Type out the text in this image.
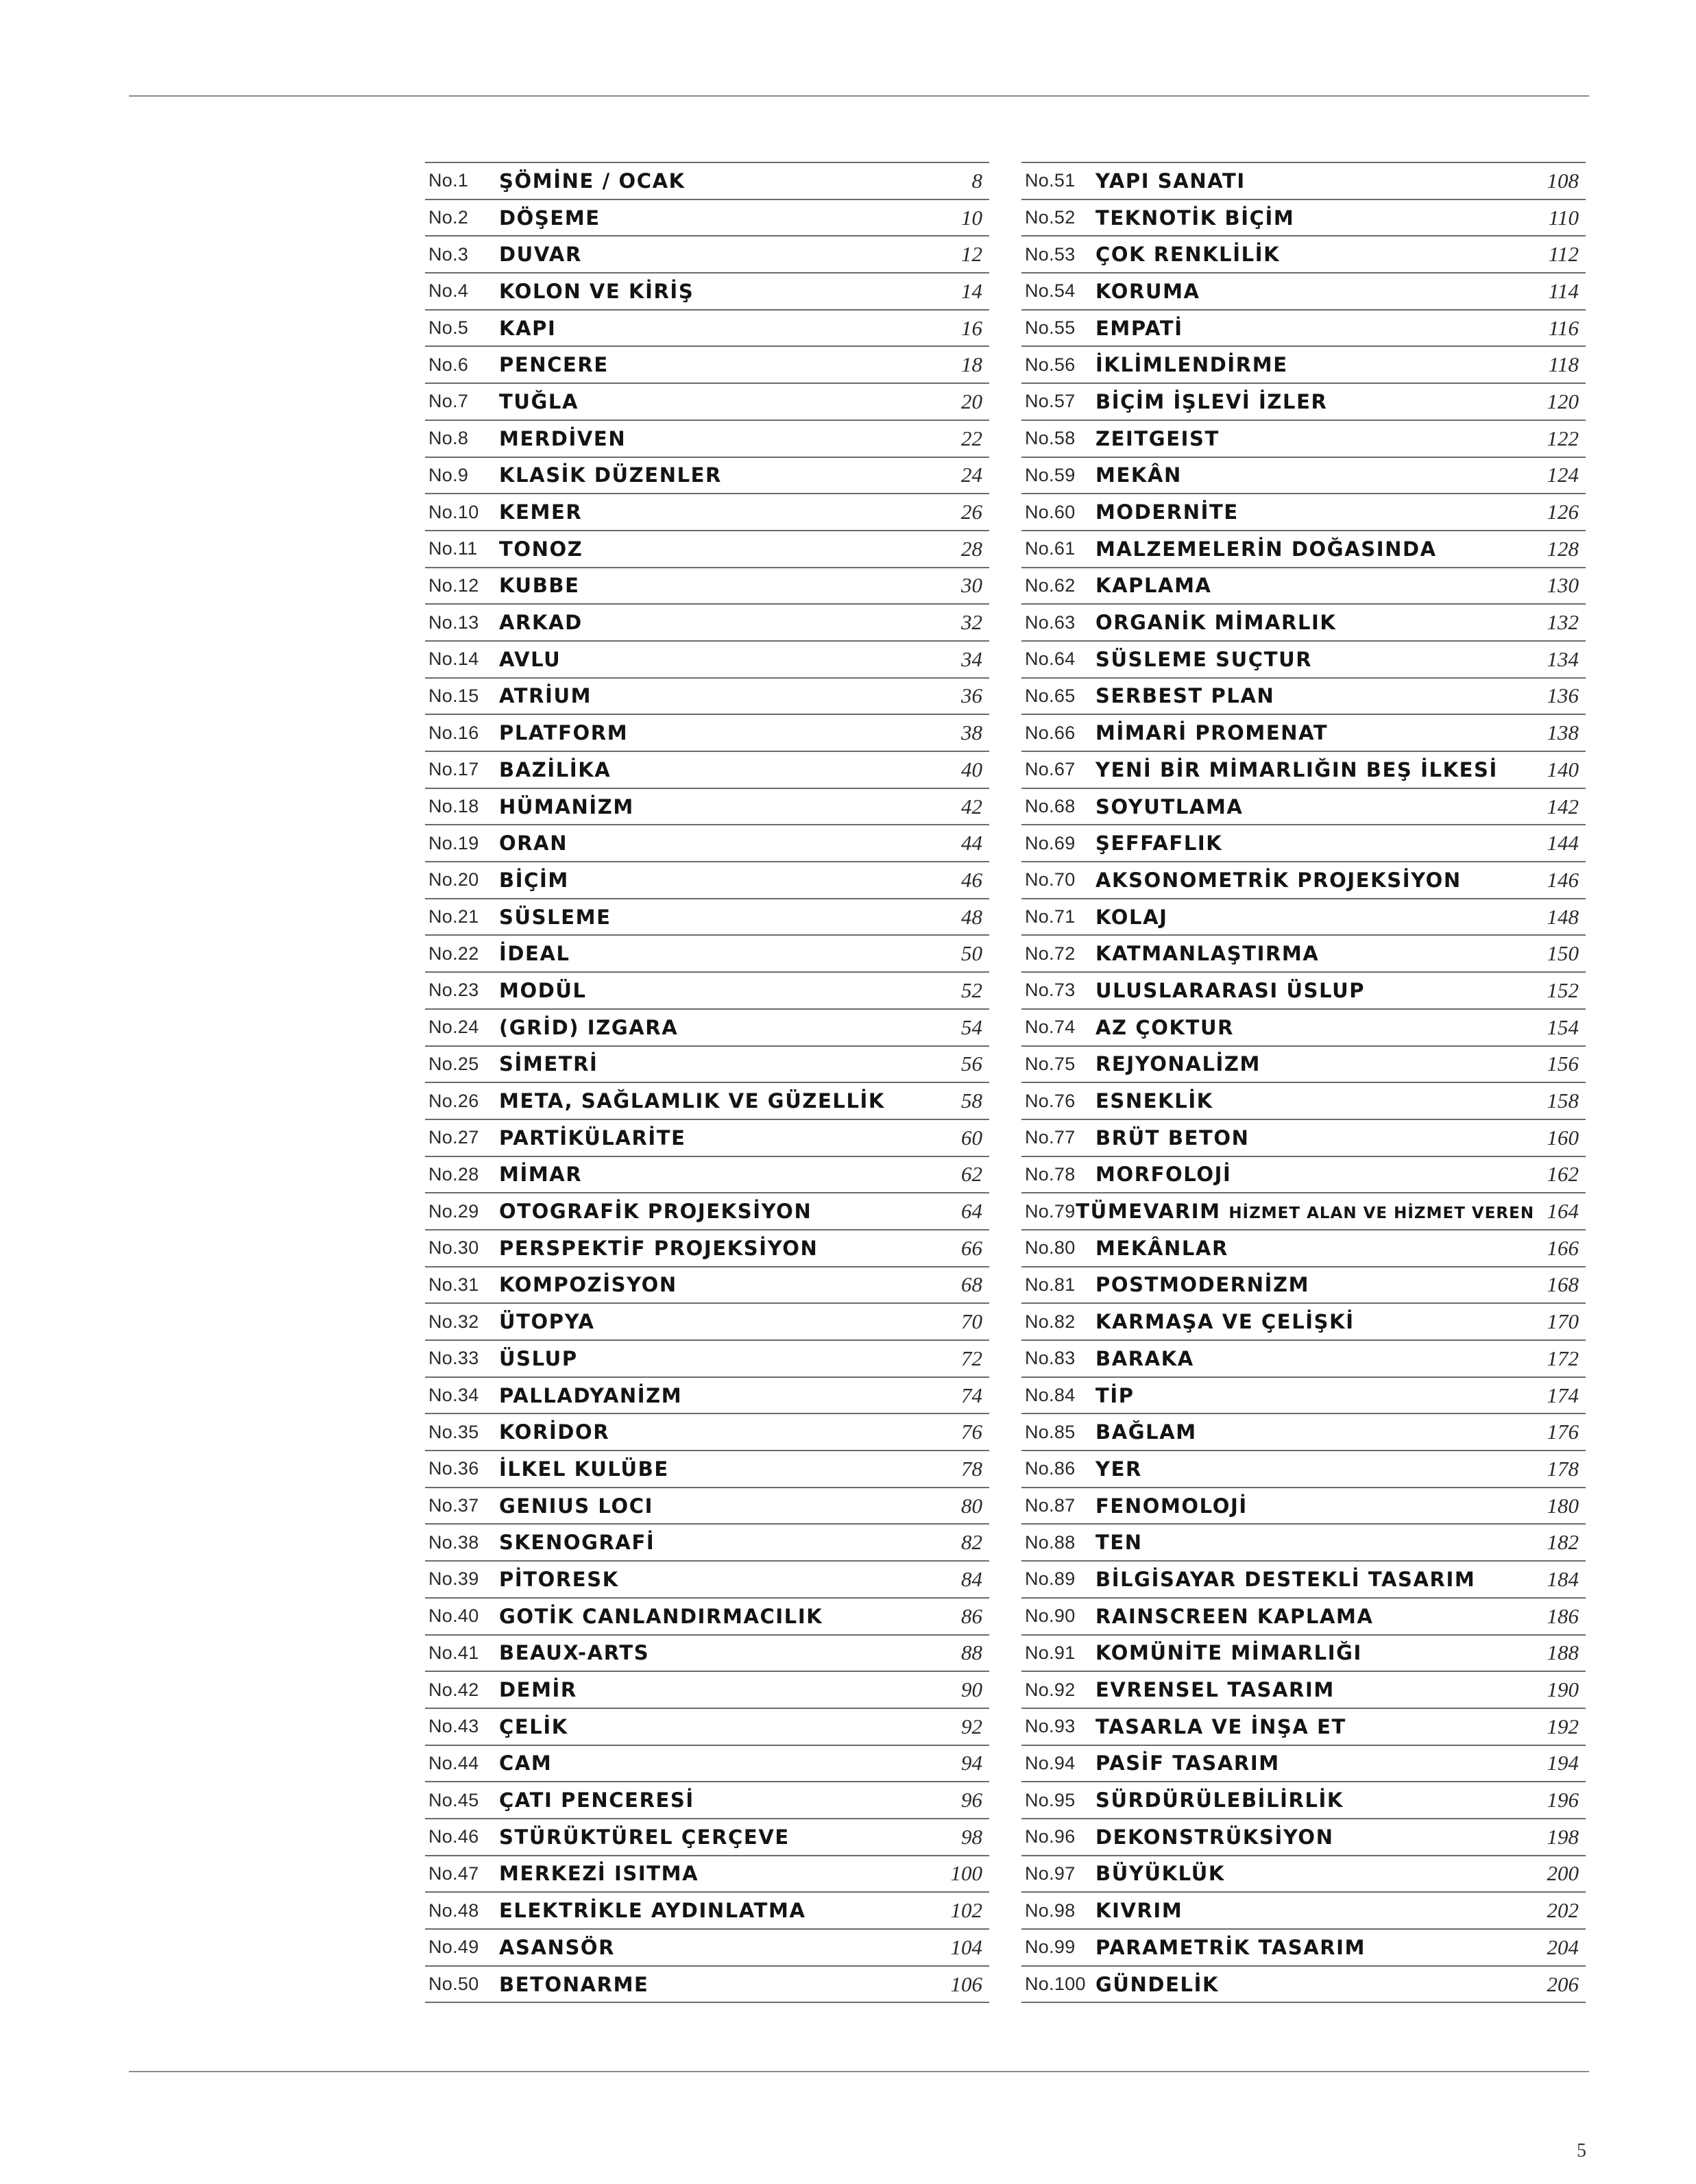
No.1	ŞÖMİNE / OCAK	8
No.2	DÖŞEME	10
No.3	DUVAR	12
No.4	KOLON VE KİRİŞ	14
No.5	KAPI	16
No.6	PENCERE	18
No.7	TUĞLA	20
No.8	MERDİVEN	22
No.9	KLASİK DÜZENLER	24
No.10	KEMER	26
No.11	TONOZ	28
No.12	KUBBE	30
No.13	ARKAD	32
No.14	AVLU	34
No.15	ATRİUM	36
No.16	PLATFORM	38
No.17	BAZİLİKA	40
No.18	HÜMANİZM	42
No.19	ORAN	44
No.20	BİÇİM	46
No.21	SÜSLEME	48
No.22	İDEAL	50
No.23	MODÜL	52
No.24	(GRİD) IZGARA	54
No.25	SİMETRİ	56
No.26	META, SAĞLAMLIK VE GÜZELLİK	58
No.27	PARTİKÜLARİTE	60
No.28	MİMAR	62
No.29	OTOGRAFİK PROJEKSİYON	64
No.30	PERSPEKTİF PROJEKSİYON	66
No.31	KOMPOZİSYON	68
No.32	ÜTOPYA	70
No.33	ÜSLUP	72
No.34	PALLADYANİZM	74
No.35	KORİDOR	76
No.36	İLKEL KULÜBE	78
No.37	GENIUS LOCI	80
No.38	SKENOGRAFİ	82
No.39	PİTORESK	84
No.40	GOTİK CANLANDIRMACILIK	86
No.41	BEAUX-ARTS	88
No.42	DEMİR	90
No.43	ÇELİK	92
No.44	CAM	94
No.45	ÇATI PENCERESİ	96
No.46	STÜRÜKTÜREL ÇERÇEVE	98
No.47	MERKEZİ ISITMA	100
No.48	ELEKTRİKLE AYDINLATMA	102
No.49	ASANSÖR	104
No.50	BETONARME	106
No.51	YAPI SANATI	108
No.52	TEKNOTİK BİÇİM	110
No.53	ÇOK RENKLİLİK	112
No.54	KORUMA	114
No.55	EMPATİ	116
No.56	İKLİMLENDİRME	118
No.57	BİÇİM İŞLEVİ İZLER	120
No.58	ZEITGEIST	122
No.59	MEKÂN	124
No.60	MODERNİTE	126
No.61	MALZEMELERİN DOĞASINDA	128
No.62	KAPLAMA	130
No.63	ORGANİK MİMARLIK	132
No.64	SÜSLEME SUÇTUR	134
No.65	SERBEST PLAN	136
No.66	MİMARİ PROMENAT	138
No.67	YENİ BİR MİMARLIĞIN BEŞ İLKESİ	140
No.68	SOYUTLAMA	142
No.69	ŞEFFAFLIK	144
No.70	AKSONOMETRİK PROJEKSİYON	146
No.71	KOLAJ	148
No.72	KATMANLAŞTIRMA	150
No.73	ULUSLARARASI ÜSLUP	152
No.74	AZ ÇOKTUR	154
No.75	REJYONALİZM	156
No.76	ESNEKLİK	158
No.77	BRÜT BETON	160
No.78	MORFOLOJİ	162
No.79 TÜMEVARIM HİZMET ALAN VE HİZMET VEREN 164
No.80	MEKÂNLAR	166
No.81	POSTMODERNİZM	168
No.82	KARMAŞA VE ÇELİŞKİ	170
No.83	BARAKA	172
No.84	TİP	174
No.85	BAĞLAM	176
No.86	YER	178
No.87	FENOMOLOJİ	180
No.88	TEN	182
No.89	BİLGİSAYAR DESTEKLİ TASARIM	184
No.90	RAINSCREEN KAPLAMA	186
No.91	KOMÜNİTE MİMARLIĞI	188
No.92	EVRENSEL TASARIM	190
No.93	TASARLA VE İNŞA ET	192
No.94	PASİF TASARIM	194
No.95	SÜRDÜRÜLEBİLİRLİK	196
No.96	DEKONSTRÜKSİYON	198
No.97	BÜYÜKLÜK	200
No.98	KIVRIM	202
No.99	PARAMETRİK TASARIM	204
No.100 GÜNDELİK	206
5
